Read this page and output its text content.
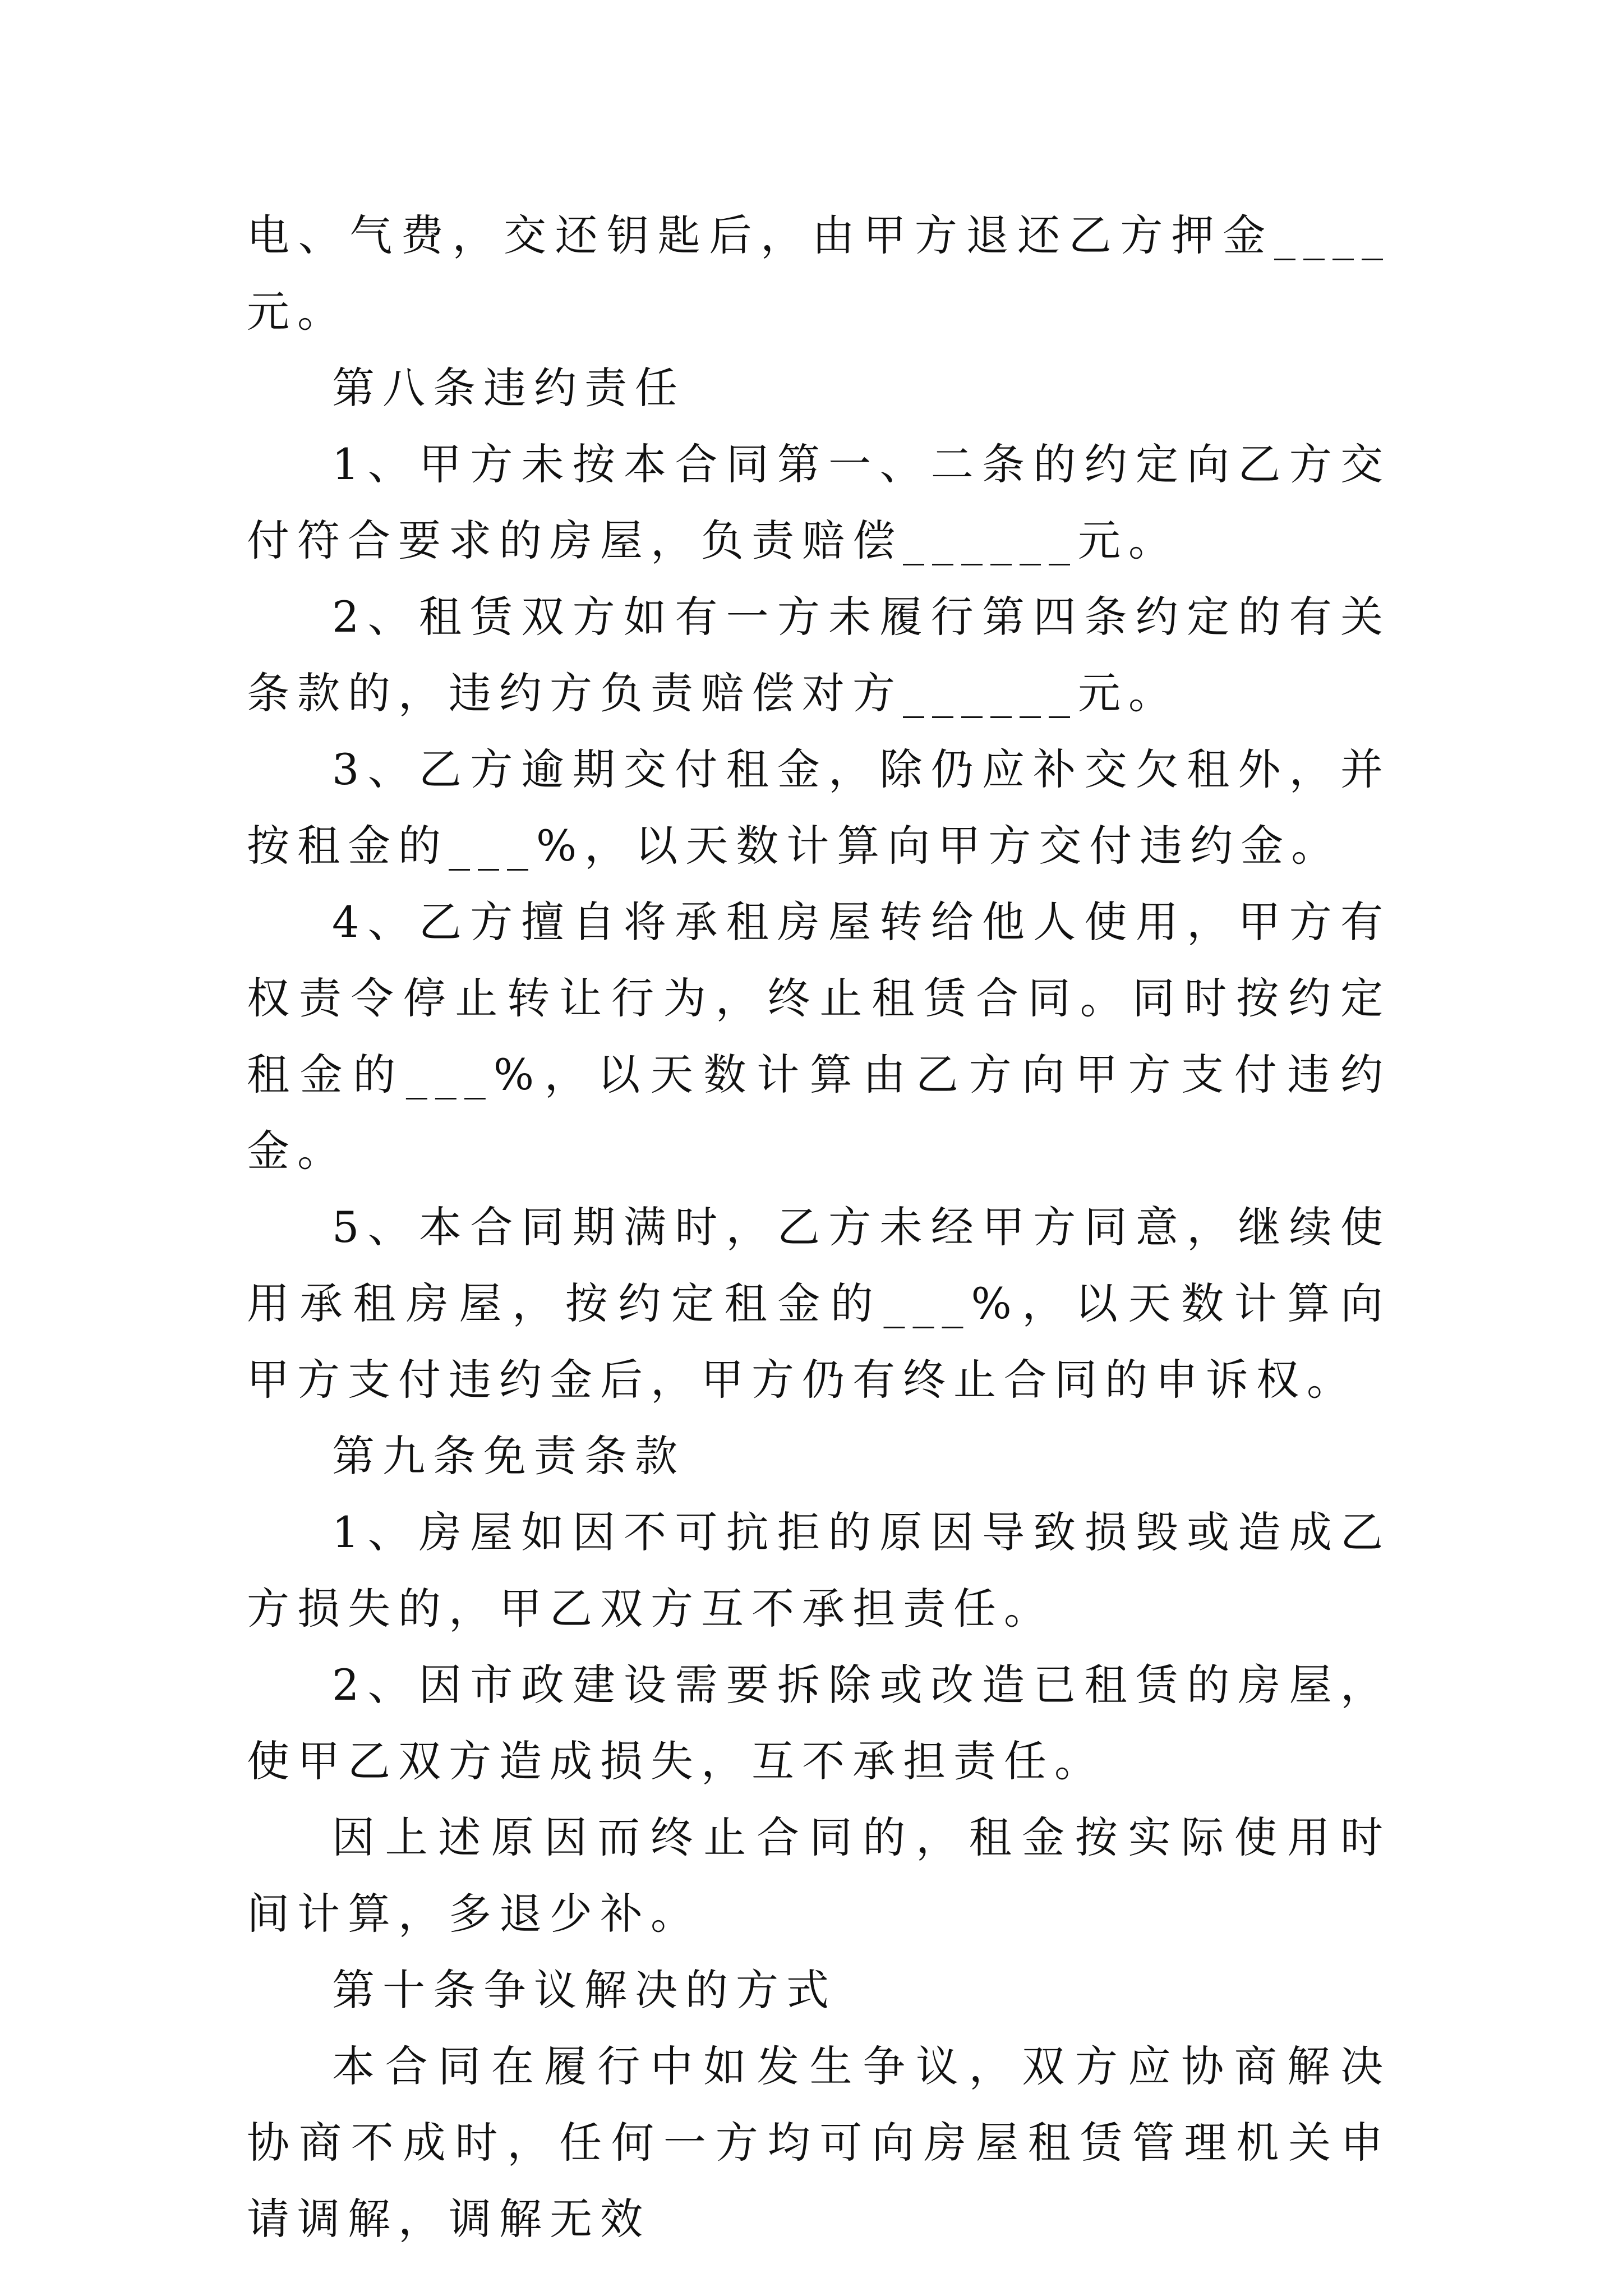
电、气费，交还钥匙后，由甲方退还乙方押金____元。

第八条违约责任

1、甲方未按本合同第一、二条的约定向乙方交付符合要求的房屋，负责赔偿______元。

2、租赁双方如有一方未履行第四条约定的有关条款的，违约方负责赔偿对方______元。

3、乙方逾期交付租金，除仍应补交欠租外，并按租金的___%，以天数计算向甲方交付违约金。

4、乙方擅自将承租房屋转给他人使用，甲方有权责令停止转让行为，终止租赁合同。同时按约定租金的___%，以天数计算由乙方向甲方支付违约金。

5、本合同期满时，乙方未经甲方同意，继续使用承租房屋，按约定租金的___%，以天数计算向甲方支付违约金后，甲方仍有终止合同的申诉权。

第九条免责条款

1、房屋如因不可抗拒的原因导致损毁或造成乙方损失的，甲乙双方互不承担责任。

2、因市政建设需要拆除或改造已租赁的房屋，使甲乙双方造成损失，互不承担责任。

因上述原因而终止合同的，租金按实际使用时间计算，多退少补。

第十条争议解决的方式

本合同在履行中如发生争议，双方应协商解决协商不成时，任何一方均可向房屋租赁管理机关申请调解，调解无效
